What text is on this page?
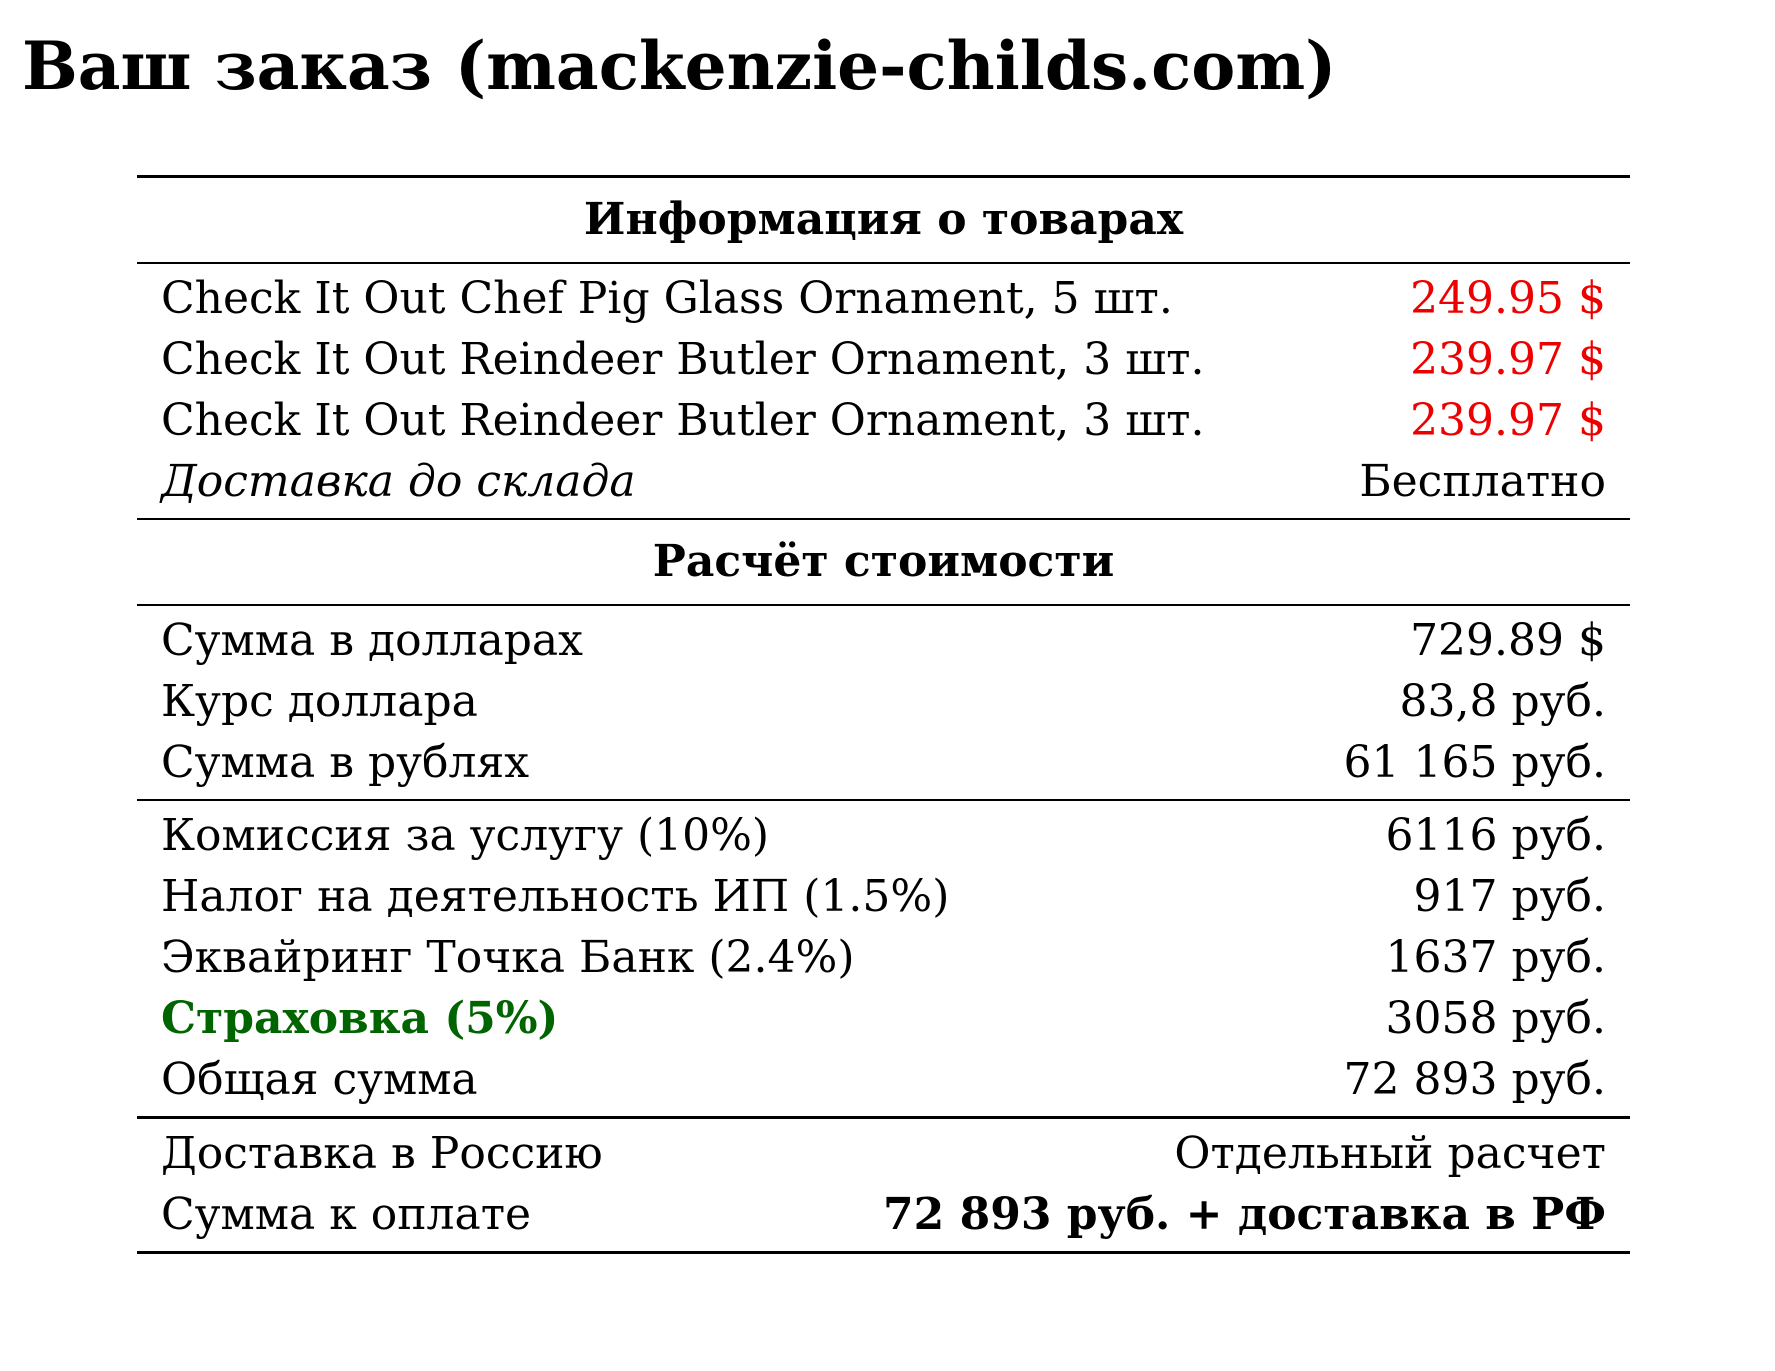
Ваш заказ (mackenzie-childs.com)
Информация о товарах
Check It Out Chef Pig Glass Ornament, 5 шт.	249.95 $
Check It Out Reindeer Butler Ornament, 3 шт.	239.97 $
Check It Out Reindeer Butler Ornament, 3 шт.	239.97 $
Доставка до склада	Бесплатно
Расчёт стоимости
Сумма в долларах	729.89 $
Курс доллара	83,8 руб.
Сумма в рублях	61 165 руб.
Комиссия за услугу (10%)	6116 руб.
Налог на деятельность ИП (1.5%)	917 руб.
Эквайринг Точка Банк (2.4%)	1637 руб.
Страховка (5%)	3058 руб.
Общая сумма	72 893 руб.
Доставка в Россию	Отдельный расчет
Сумма к оплате	72 893 руб. + доставка в РФ
